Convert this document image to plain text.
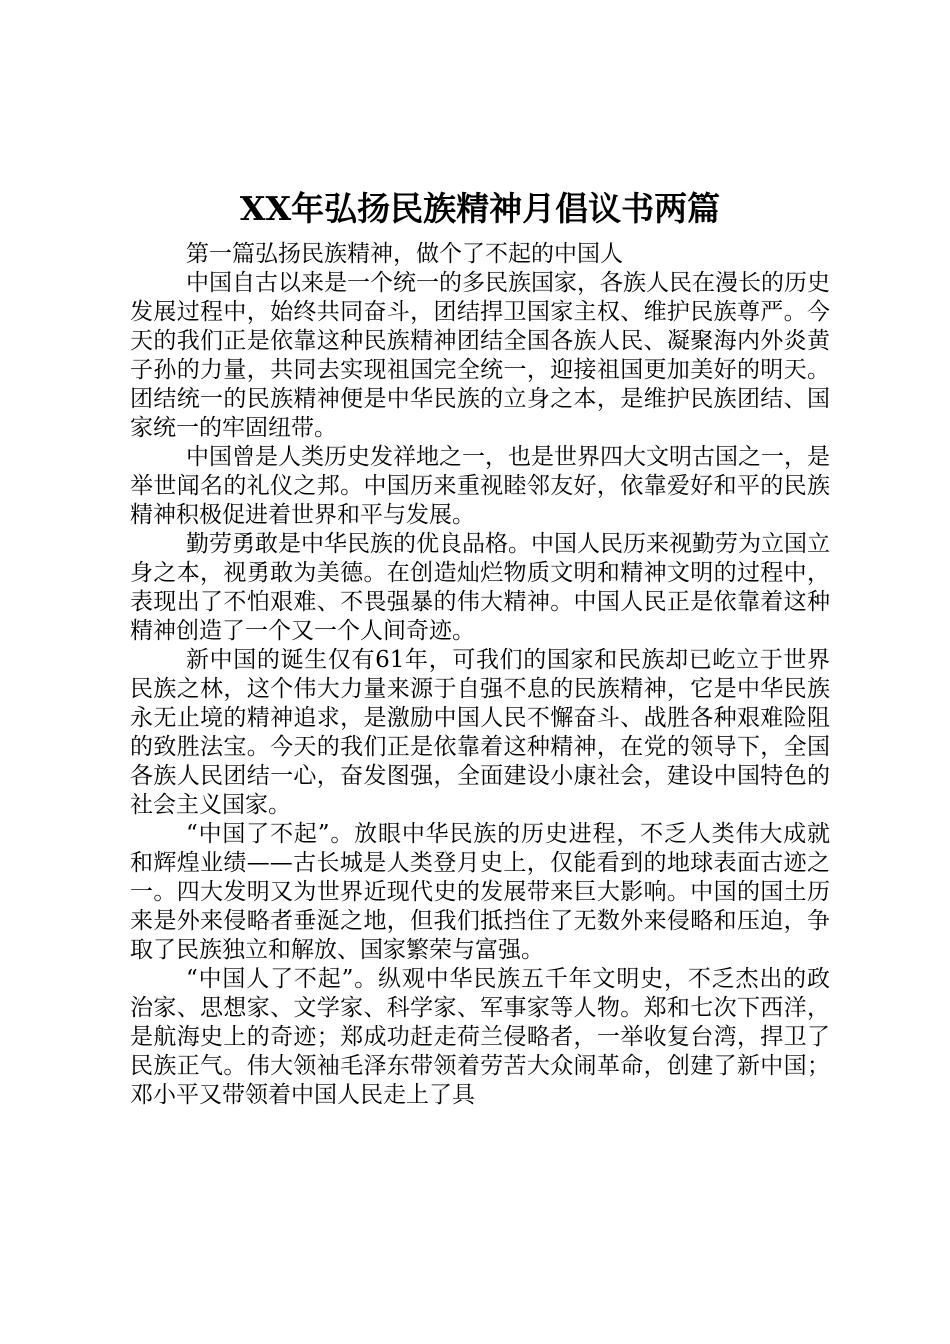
XX年弘扬民族精神月倡议书两篇

第一篇弘扬民族精神，做个了不起的中国人

中国自古以来是一个统一的多民族国家，各族人民在漫长的历史发展过程中，始终共同奋斗，团结捍卫国家主权、维护民族尊严。今天的我们正是依靠这种民族精神团结全国各族人民、凝聚海内外炎黄子孙的力量，共同去实现祖国完全统一，迎接祖国更加美好的明天。团结统一的民族精神便是中华民族的立身之本，是维护民族团结、国家统一的牢固纽带。

中国曾是人类历史发祥地之一，也是世界四大文明古国之一，是举世闻名的礼仪之邦。中国历来重视睦邻友好，依靠爱好和平的民族精神积极促进着世界和平与发展。

勤劳勇敢是中华民族的优良品格。中国人民历来视勤劳为立国立身之本，视勇敢为美德。在创造灿烂物质文明和精神文明的过程中，表现出了不怕艰难、不畏强暴的伟大精神。中国人民正是依靠着这种精神创造了一个又一个人间奇迹。

新中国的诞生仅有61年，可我们的国家和民族却已屹立于世界民族之林，这个伟大力量来源于自强不息的民族精神，它是中华民族永无止境的精神追求，是激励中国人民不懈奋斗、战胜各种艰难险阻的致胜法宝。今天的我们正是依靠着这种精神，在党的领导下，全国各族人民团结一心，奋发图强，全面建设小康社会，建设中国特色的社会主义国家。

“中国了不起”。放眼中华民族的历史进程，不乏人类伟大成就和辉煌业绩——古长城是人类登月史上，仅能看到的地球表面古迹之一。四大发明又为世界近现代史的发展带来巨大影响。中国的国土历来是外来侵略者垂涎之地，但我们抵挡住了无数外来侵略和压迫，争取了民族独立和解放、国家繁荣与富强。

“中国人了不起”。纵观中华民族五千年文明史，不乏杰出的政治家、思想家、文学家、科学家、军事家等人物。郑和七次下西洋，是航海史上的奇迹；郑成功赶走荷兰侵略者，一举收复台湾，捍卫了民族正气。伟大领袖毛泽东带领着劳苦大众闹革命，创建了新中国；邓小平又带领着中国人民走上了具
